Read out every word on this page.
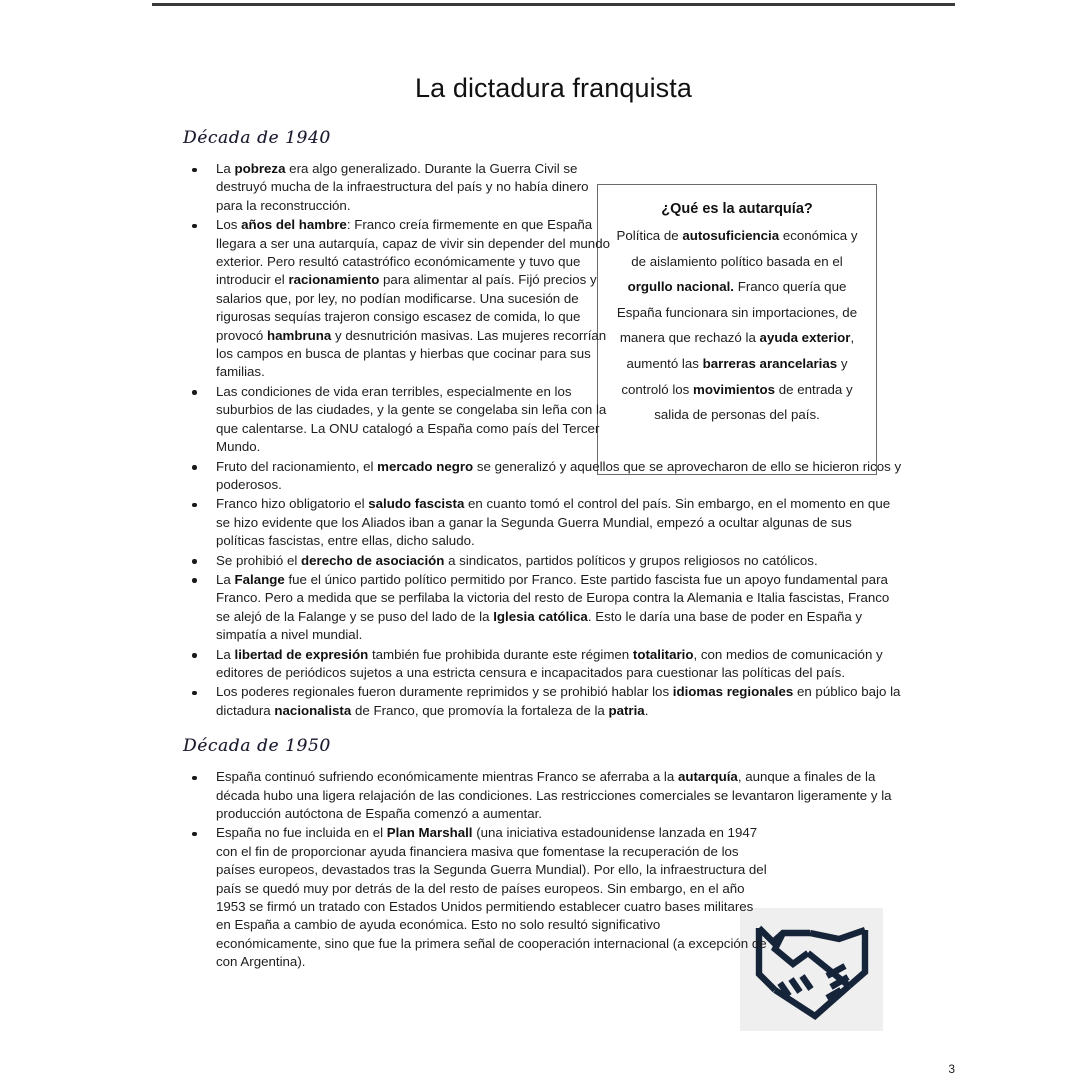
La dictadura franquista
¿Qué es la autarquía?
Política de autosuficiencia económica y de aislamiento político basada en el orgullo nacional. Franco quería que España funcionara sin importaciones, de manera que rechazó la ayuda exterior, aumentó las barreras arancelarias y controló los movimientos de entrada y salida de personas del país.
Década de 1940
La pobreza era algo generalizado. Durante la Guerra Civil se destruyó mucha de la infraestructura del país y no había dinero para la reconstrucción.
Los años del hambre: Franco creía firmemente en que España llegara a ser una autarquía, capaz de vivir sin depender del mundo exterior. Pero resultó catastrófico económicamente y tuvo que introducir el racionamiento para alimentar al país. Fijó precios y salarios que, por ley, no podían modificarse. Una sucesión de rigurosas sequías trajeron consigo escasez de comida, lo que provocó hambruna y desnutrición masivas. Las mujeres recorrían los campos en busca de plantas y hierbas que cocinar para sus familias.
Las condiciones de vida eran terribles, especialmente en los suburbios de las ciudades, y la gente se congelaba sin leña con la que calentarse. La ONU catalogó a España como país del Tercer Mundo.
Fruto del racionamiento, el mercado negro se generalizó y aquellos que se aprovecharon de ello se hicieron ricos y poderosos.
Franco hizo obligatorio el saludo fascista en cuanto tomó el control del país. Sin embargo, en el momento en que se hizo evidente que los Aliados iban a ganar la Segunda Guerra Mundial, empezó a ocultar algunas de sus políticas fascistas, entre ellas, dicho saludo.
Se prohibió el derecho de asociación a sindicatos, partidos políticos y grupos religiosos no católicos.
La Falange fue el único partido político permitido por Franco. Este partido fascista fue un apoyo fundamental para Franco. Pero a medida que se perfilaba la victoria del resto de Europa contra la Alemania e Italia fascistas, Franco se alejó de la Falange y se puso del lado de la Iglesia católica. Esto le daría una base de poder en España y simpatía a nivel mundial.
La libertad de expresión también fue prohibida durante este régimen totalitario, con medios de comunicación y editores de periódicos sujetos a una estricta censura e incapacitados para cuestionar las políticas del país.
Los poderes regionales fueron duramente reprimidos y se prohibió hablar los idiomas regionales en público bajo la dictadura nacionalista de Franco, que promovía la fortaleza de la patria.
Década de 1950
España continuó sufriendo económicamente mientras Franco se aferraba a la autarquía, aunque a finales de la década hubo una ligera relajación de las condiciones. Las restricciones comerciales se levantaron ligeramente y la producción autóctona de España comenzó a aumentar.
España no fue incluida en el Plan Marshall (una iniciativa estadounidense lanzada en 1947 con el fin de proporcionar ayuda financiera masiva que fomentase la recuperación de los países europeos, devastados tras la Segunda Guerra Mundial). Por ello, la infraestructura del país se quedó muy por detrás de la del resto de países europeos. Sin embargo, en el año 1953 se firmó un tratado con Estados Unidos permitiendo establecer cuatro bases militares en España a cambio de ayuda económica. Esto no solo resultó significativo económicamente, sino que fue la primera señal de cooperación internacional (a excepción de con Argentina).
3
